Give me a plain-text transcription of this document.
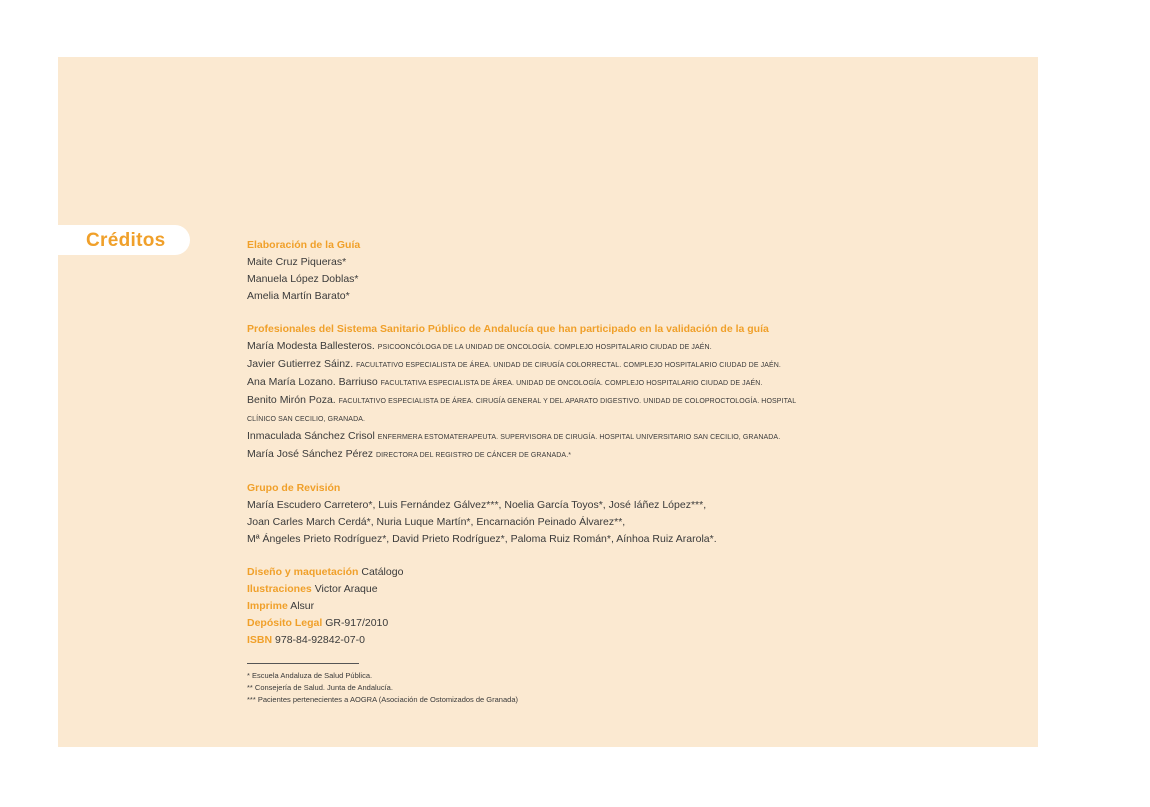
Créditos	Elaboración de la Guía
Maite Cruz Piqueras*
Manuela López Doblas*
Amelia Martín Barato*
Profesionales del Sistema Sanitario Público de Andalucía que han participado en la validación de la guía
María Modesta Ballesteros. PSICOONCÓLOGA DE LA UNIDAD DE ONCOLOGÍA. COMPLEJO HOSPITALARIO CIUDAD DE JAÉN.
Javier Gutierrez Sáinz. FACULTATIVO ESPECIALISTA DE ÁREA. UNIDAD DE CIRUGÍA COLORRECTAL. COMPLEJO HOSPITALARIO CIUDAD DE JAÉN.
Ana María Lozano. Barriuso FACULTATIVA ESPECIALISTA DE ÁREA. UNIDAD DE ONCOLOGÍA. COMPLEJO HOSPITALARIO CIUDAD DE JAÉN.
Benito Mirón Poza. FACULTATIVO ESPECIALISTA DE ÁREA. CIRUGÍA GENERAL Y DEL APARATO DIGESTIVO. UNIDAD DE COLOPROCTOLOGÍA. HOSPITAL
CLÍNICO SAN CECILIO, GRANADA.
Inmaculada Sánchez Crisol ENFERMERA ESTOMATERAPEUTA. SUPERVISORA DE CIRUGÍA. HOSPITAL UNIVERSITARIO SAN CECILIO, GRANADA.
María José Sánchez Pérez DIRECTORA DEL REGISTRO DE CÁNCER DE GRANADA.*
Grupo de Revisión
María Escudero Carretero*, Luis Fernández Gálvez***, Noelia García Toyos*, José Iáñez López***,
Joan Carles March Cerdá*, Nuria Luque Martín*, Encarnación Peinado Álvarez**,
Mª Ángeles Prieto Rodríguez*, David Prieto Rodríguez*, Paloma Ruiz Román*, Aínhoa Ruiz Ararola*.
Diseño y maquetación Catálogo
Ilustraciones Victor Araque
Imprime Alsur
Depósito Legal GR-917/2010
ISBN 978-84-92842-07-0
* Escuela Andaluza de Salud Pública.
** Consejería de Salud. Junta de Andalucía.
*** Pacientes pertenecientes a AOGRA (Asociación de Ostomizados de Granada)
